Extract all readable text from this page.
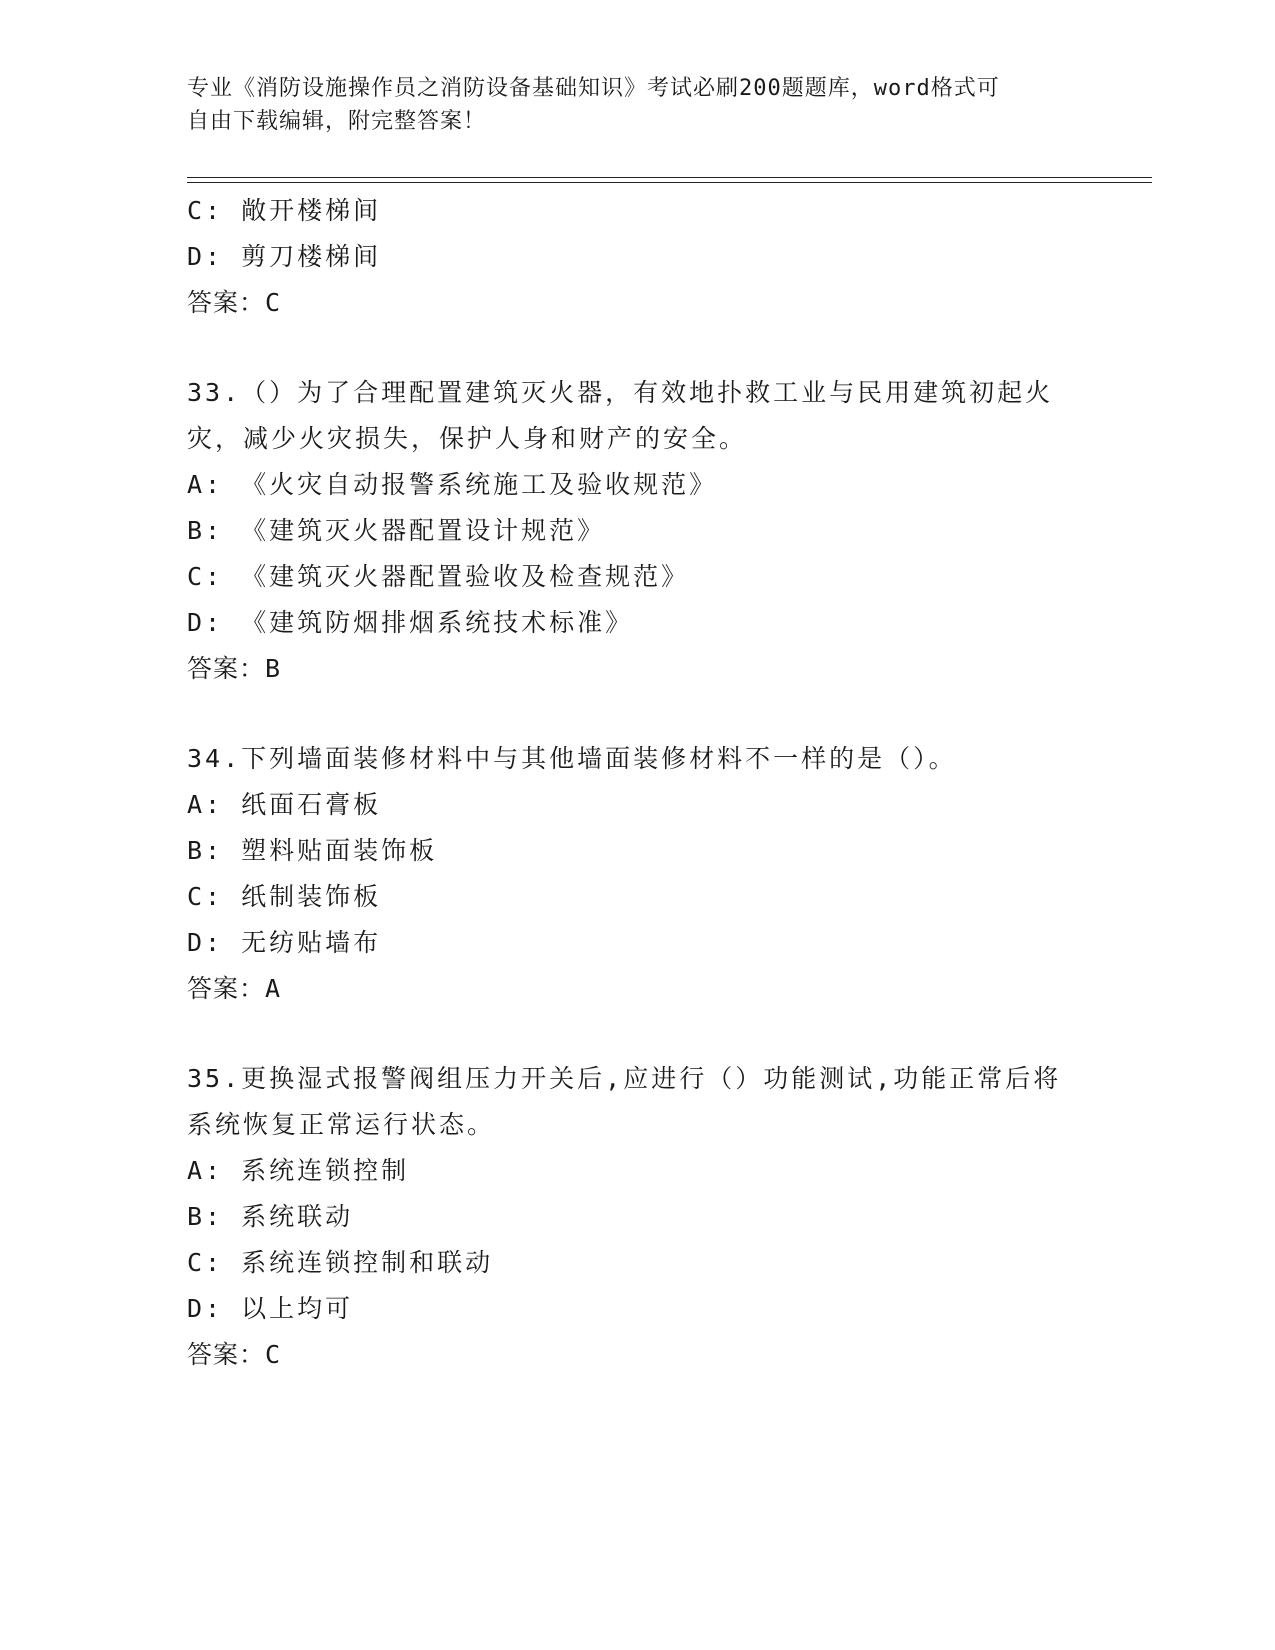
专业《消防设施操作员之消防设备基础知识》考试必刷200题题库，word格式可
自由下载编辑，附完整答案！
C: 敞开楼梯间
D: 剪刀楼梯间
答案：C
33.（）为了合理配置建筑灭火器，有效地扑救工业与民用建筑初起火
灾，减少火灾损失，保护人身和财产的安全。
A: 《火灾自动报警系统施工及验收规范》
B: 《建筑灭火器配置设计规范》
C: 《建筑灭火器配置验收及检查规范》
D: 《建筑防烟排烟系统技术标准》
答案：B
34.下列墙面装修材料中与其他墙面装修材料不一样的是（）。
A: 纸面石膏板
B: 塑料贴面装饰板
C: 纸制装饰板
D: 无纺贴墙布
答案：A
35.更换湿式报警阀组压力开关后,应进行（）功能测试,功能正常后将
系统恢复正常运行状态。
A: 系统连锁控制
B: 系统联动
C: 系统连锁控制和联动
D: 以上均可
答案：C
